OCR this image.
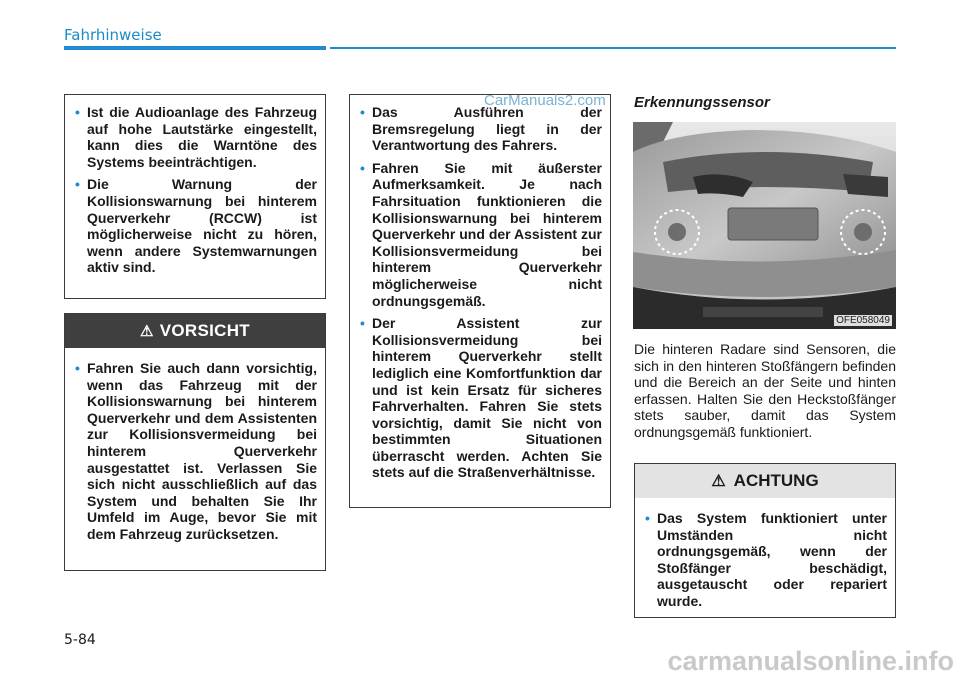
Fahrhinweise
• Ist die Audioanlage des Fahrzeug auf hohe Lautstärke eingestellt, kann dies die Warntöne des Systems beeinträchtigen.
• Die Warnung der Kollisionswarnung bei hinterem Querverkehr (RCCW) ist möglicherweise nicht zu hören, wenn andere Systemwarnungen aktiv sind.
⚠ VORSICHT
• Fahren Sie auch dann vorsichtig, wenn das Fahrzeug mit der Kollisionswarnung bei hinterem Querverkehr und dem Assistenten zur Kollisionsvermeidung bei hinterem Querverkehr ausgestattet ist. Verlassen Sie sich nicht ausschließlich auf das System und behalten Sie Ihr Umfeld im Auge, bevor Sie mit dem Fahrzeug zurücksetzen.
• Das Ausführen der Bremsregelung liegt in der Verantwortung des Fahrers.
• Fahren Sie mit äußerster Aufmerksamkeit. Je nach Fahrsituation funktionieren die Kollisionswarnung bei hinterem Querverkehr und der Assistent zur Kollisionsvermeidung bei hinterem Querverkehr möglicherweise nicht ordnungsgemäß.
• Der Assistent zur Kollisionsvermeidung bei hinterem Querverkehr stellt lediglich eine Komfortfunktion dar und ist kein Ersatz für sicheres Fahrverhalten. Fahren Sie stets vorsichtig, damit Sie nicht von bestimmten Situationen überrascht werden. Achten Sie stets auf die Straßenverhältnisse.
Erkennungssensor
OFE058049

Die hinteren Radare sind Sensoren, die sich in den hinteren Stoßfängern befinden und die Bereich an der Seite und hinten erfassen. Halten Sie den Heckstoßfänger stets sauber, damit das System ordnungsgemäß funktioniert.

⚠ ACHTUNG
• Das System funktioniert unter Umständen nicht ordnungsgemäß, wenn der Stoßfänger beschädigt, ausgetauscht oder repariert wurde.
5-84
CarManuals2.com
carmanualsonline.info
